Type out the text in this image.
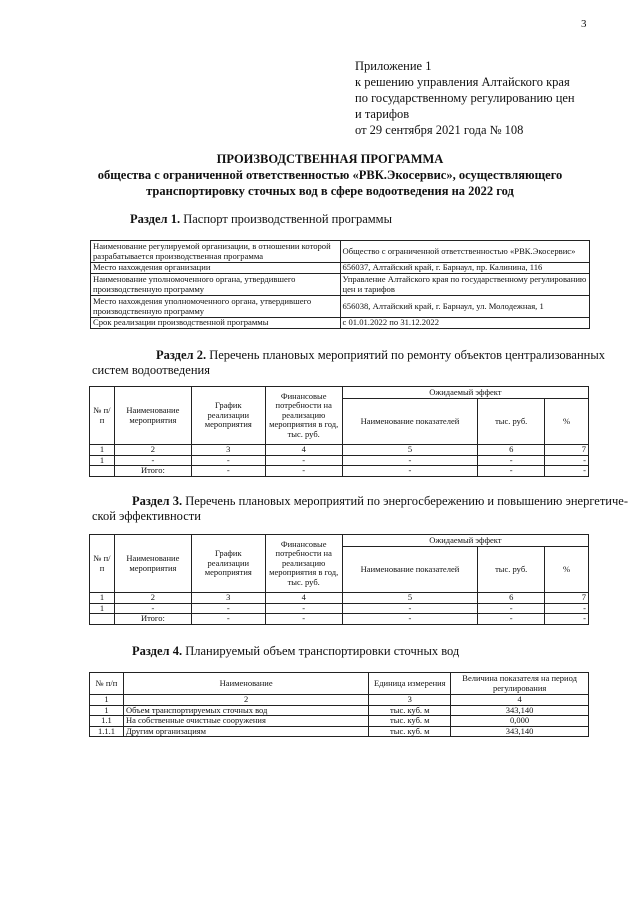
3
Приложение 1
к решению управления Алтайского края
по государственному регулированию цен
и тарифов
от 29 сентября 2021 года № 108
ПРОИЗВОДСТВЕННАЯ ПРОГРАММА
общества с ограниченной ответственностью «РВК.Экосервис», осуществляющего
транспортировку сточных вод в сфере водоотведения на 2022 год
Раздел 1. Паспорт производственной программы
Наименование регулируемой организации, в отношении которой разрабатывается производственная программа	Общество с ограниченной ответственностью «РВК.Экосервис»
Место нахождения организации	656037, Алтайский край, г. Барнаул, пр. Калинина, 116
Наименование уполномоченного органа, утвердившего производственную программу	Управление Алтайского края по государственному регулированию цен и тарифов
Место нахождения уполномоченного органа, утвердившего производственную программу	656038, Алтайский край, г. Барнаул, ул. Молодежная, 1
Срок реализации производственной программы	с 01.01.2022 по 31.12.2022
Раздел 2. Перечень плановых мероприятий по ремонту объектов централизованных
систем водоотведения
№ п/п	Наименование мероприятия	График реализации мероприятия	Финансовые потребности на реализацию мероприятия в год, тыс. руб.	Ожидаемый эффект		
				Наименование показателей	тыс. руб.	%
1	2	3	4	5	6	7
1	-	-	-	-	-	-
	Итого:	-	-	-	-	-
Раздел 3. Перечень плановых мероприятий по энергосбережению и повышению энергетиче-
ской эффективности
№ п/п	Наименование мероприятия	График реализации мероприятия	Финансовые потребности на реализацию мероприятия в год, тыс. руб.	Ожидаемый эффект		
				Наименование показателей	тыс. руб.	%
1	2	3	4	5	6	7
1	-	-	-	-	-	-
	Итого:	-	-	-	-	-
Раздел 4. Планируемый объем транспортировки сточных вод
№ п/п	Наименование	Единица измерения	Величина показателя на период регулирования
1	2	3	4
1	Объем транспортируемых сточных вод	тыс. куб. м	343,140
1.1	На собственные очистные сооружения	тыс. куб. м	0,000
1.1.1	Другим организациям	тыс. куб. м	343,140
